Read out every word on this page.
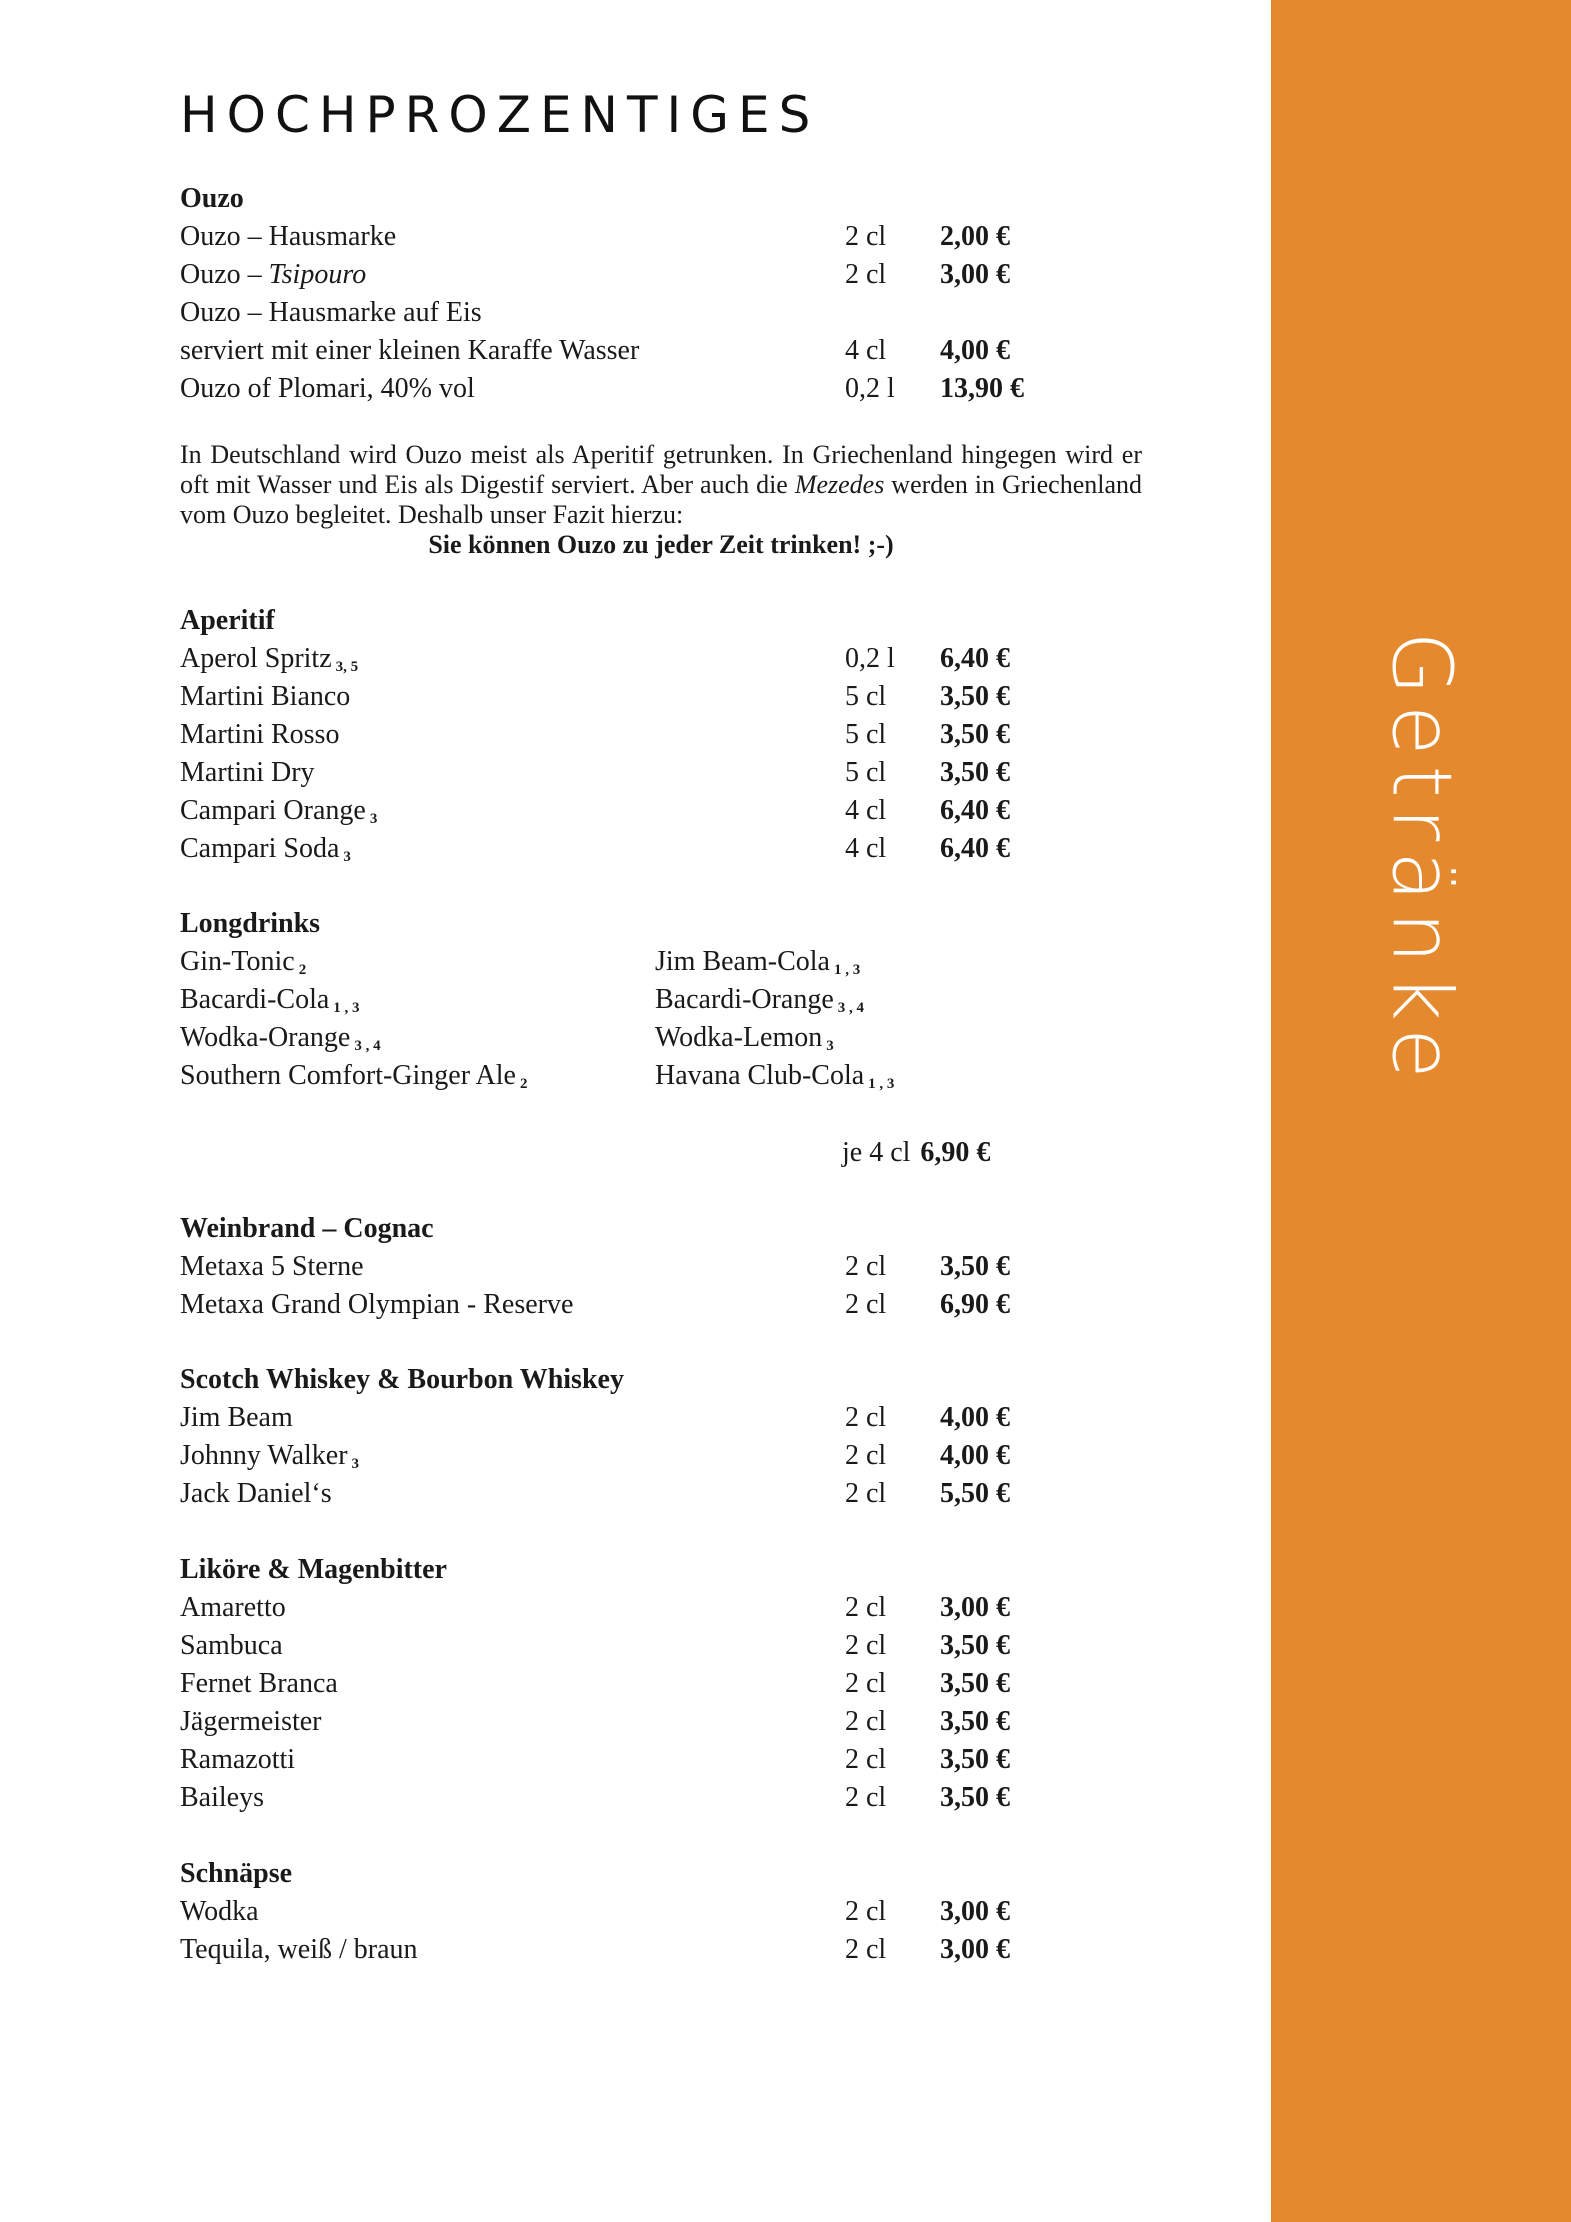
Getränke
HOCHPROZENTIGES
Ouzo
Ouzo – Hausmarke	2 cl 2,00 €
Ouzo – Tsipouro	2 cl 3,00 €
Ouzo – Hausmarke auf Eis
serviert mit einer kleinen Karaffe Wasser	4 cl 4,00 €
Ouzo of Plomari, 40% vol	0,2 l 13,90 €

In Deutschland wird Ouzo meist als Aperitif getrunken. In Griechenland hingegen wird er oft mit Wasser und Eis als Digestif serviert. Aber auch die Mezedes werden in Griechenland vom Ouzo begleitet. Deshalb unser Fazit hierzu:

Sie können Ouzo zu jeder Zeit trinken! ;-)
Aperitif
Aperol Spritz $_{3, 5}$	0,2 l 6,40 €
Martini Bianco	5 cl 3,50 €
Martini Rosso	5 cl 3,50 €
Martini Dry	5 cl 3,50 €
Campari Orange $_3$	4 cl 6,40 €
Campari Soda $_3$	4 cl 6,40 €
Longdrinks
Gin-Tonic $_2$	Jim Beam-Cola $_{1 , 3}$
Bacardi-Cola $_{1 , 3}$	Bacardi-Orange $_{3 , 4}$
Wodka-Orange $_{3 , 4}$	Wodka-Lemon $_3$
Southern Comfort-Ginger Ale $_2$	Havana Club-Cola $_{1 , 3}$
je 4 cl 6,90 €
Weinbrand – Cognac
Metaxa 5 Sterne	2 cl 3,50 €
Metaxa Grand Olympian - Reserve	2 cl 6,90 €
Scotch Whiskey & Bourbon Whiskey
Jim Beam	2 cl 4,00 €
Johnny Walker $_3$	2 cl 4,00 €
Jack Daniel‘s	2 cl 5,50 €
Liköre & Magenbitter
Amaretto	2 cl 3,00 €
Sambuca	2 cl 3,50 €
Fernet Branca	2 cl 3,50 €
Jägermeister	2 cl 3,50 €
Ramazotti	2 cl 3,50 €
Baileys	2 cl 3,50 €
Schnäpse
Wodka	2 cl 3,00 €
Tequila, weiß / braun	2 cl 3,00 €
